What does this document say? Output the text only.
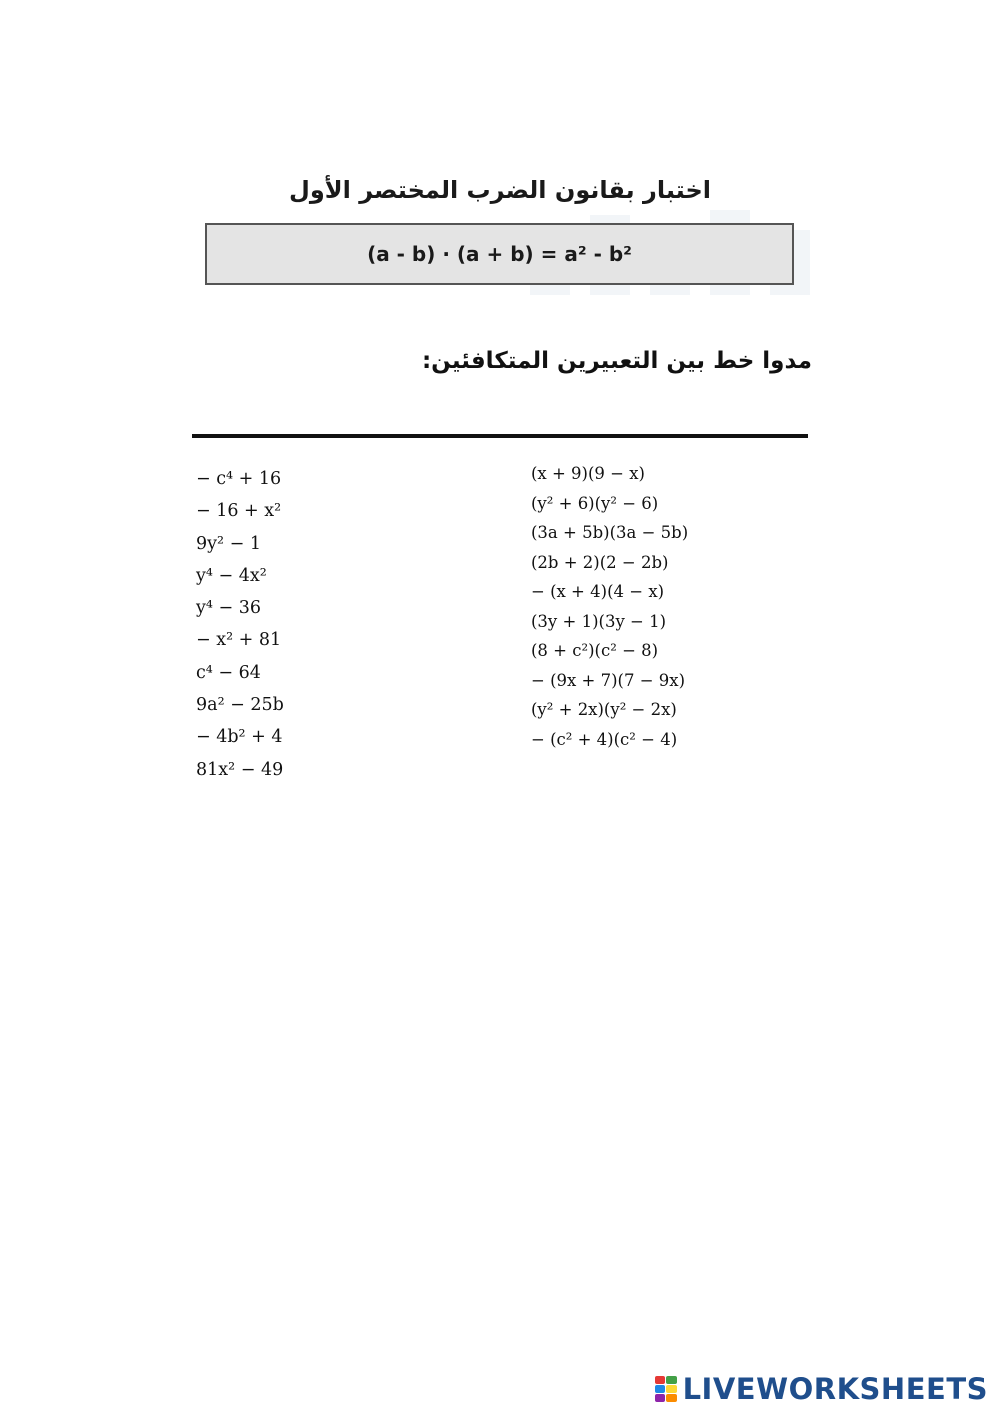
اختبار بقانون الضرب المختصر الأول
(a - b) · (a + b) = a² - b²
مدوا خط بين التعبيرين المتكافئين:
− c⁴ + 16
− 16 + x²
9y² − 1
y⁴ − 4x²
y⁴ − 36
− x² + 81
c⁴ − 64
9a² − 25b
− 4b² + 4
81x² − 49
(x + 9)(9 − x)
(y² + 6)(y² − 6)
(3a + 5b)(3a − 5b)
(2b + 2)(2 − 2b)
− (x + 4)(4 − x)
(3y + 1)(3y − 1)
(8 + c²)(c² − 8)
− (9x + 7)(7 − 9x)
(y² + 2x)(y² − 2x)
− (c² + 4)(c² − 4)
LIVEWORKSHEETS
